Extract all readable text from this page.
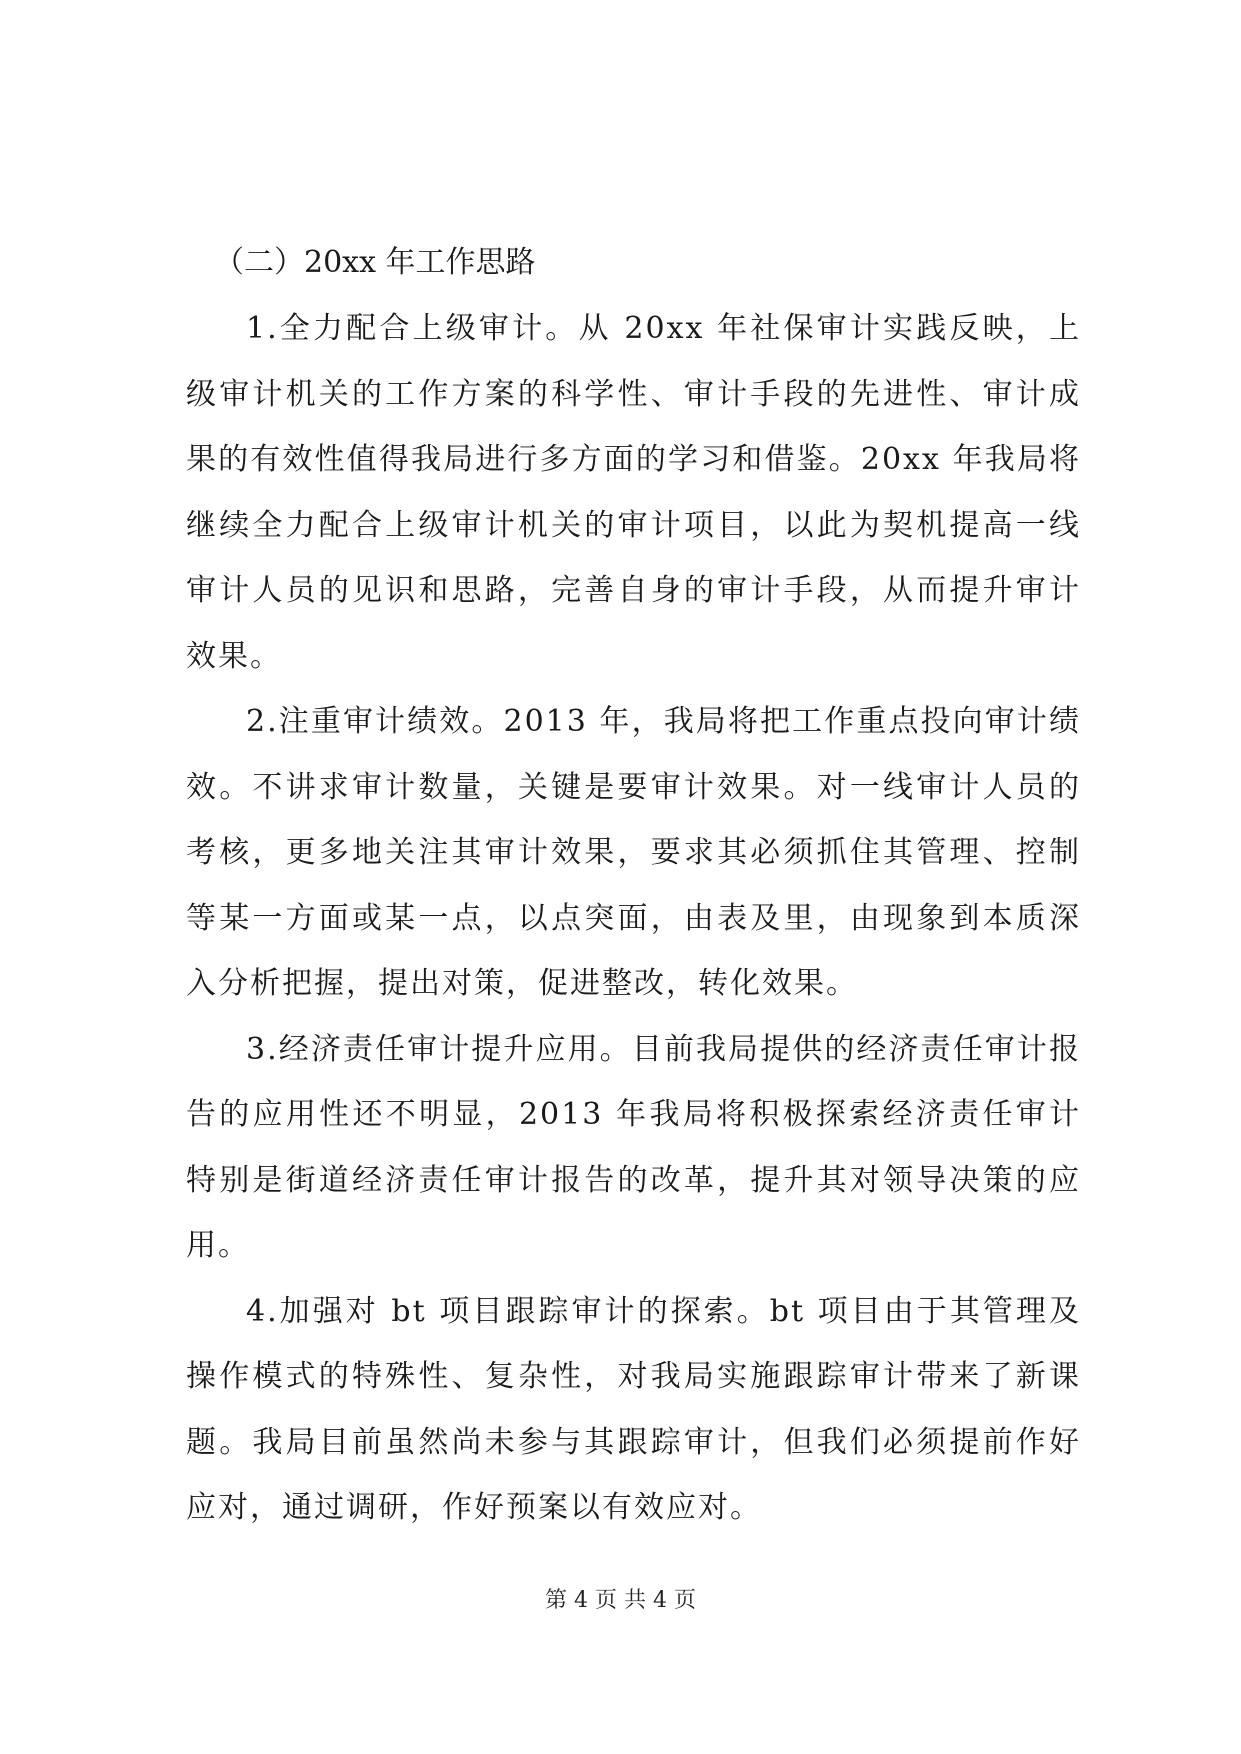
（二）20xx 年工作思路

1.全力配合上级审计。从 20xx 年社保审计实践反映，上级审计机关的工作方案的科学性、审计手段的先进性、审计成果的有效性值得我局进行多方面的学习和借鉴。20xx 年我局将继续全力配合上级审计机关的审计项目，以此为契机提高一线审计人员的见识和思路，完善自身的审计手段，从而提升审计效果。

2.注重审计绩效。2013 年，我局将把工作重点投向审计绩效。不讲求审计数量，关键是要审计效果。对一线审计人员的考核，更多地关注其审计效果，要求其必须抓住其管理、控制等某一方面或某一点，以点突面，由表及里，由现象到本质深入分析把握，提出对策，促进整改，转化效果。

3.经济责任审计提升应用。目前我局提供的经济责任审计报告的应用性还不明显，2013 年我局将积极探索经济责任审计特别是街道经济责任审计报告的改革，提升其对领导决策的应用。

4.加强对 bt 项目跟踪审计的探索。bt 项目由于其管理及操作模式的特殊性、复杂性，对我局实施跟踪审计带来了新课题。我局目前虽然尚未参与其跟踪审计，但我们必须提前作好应对，通过调研，作好预案以有效应对。

第 4 页 共 4 页
